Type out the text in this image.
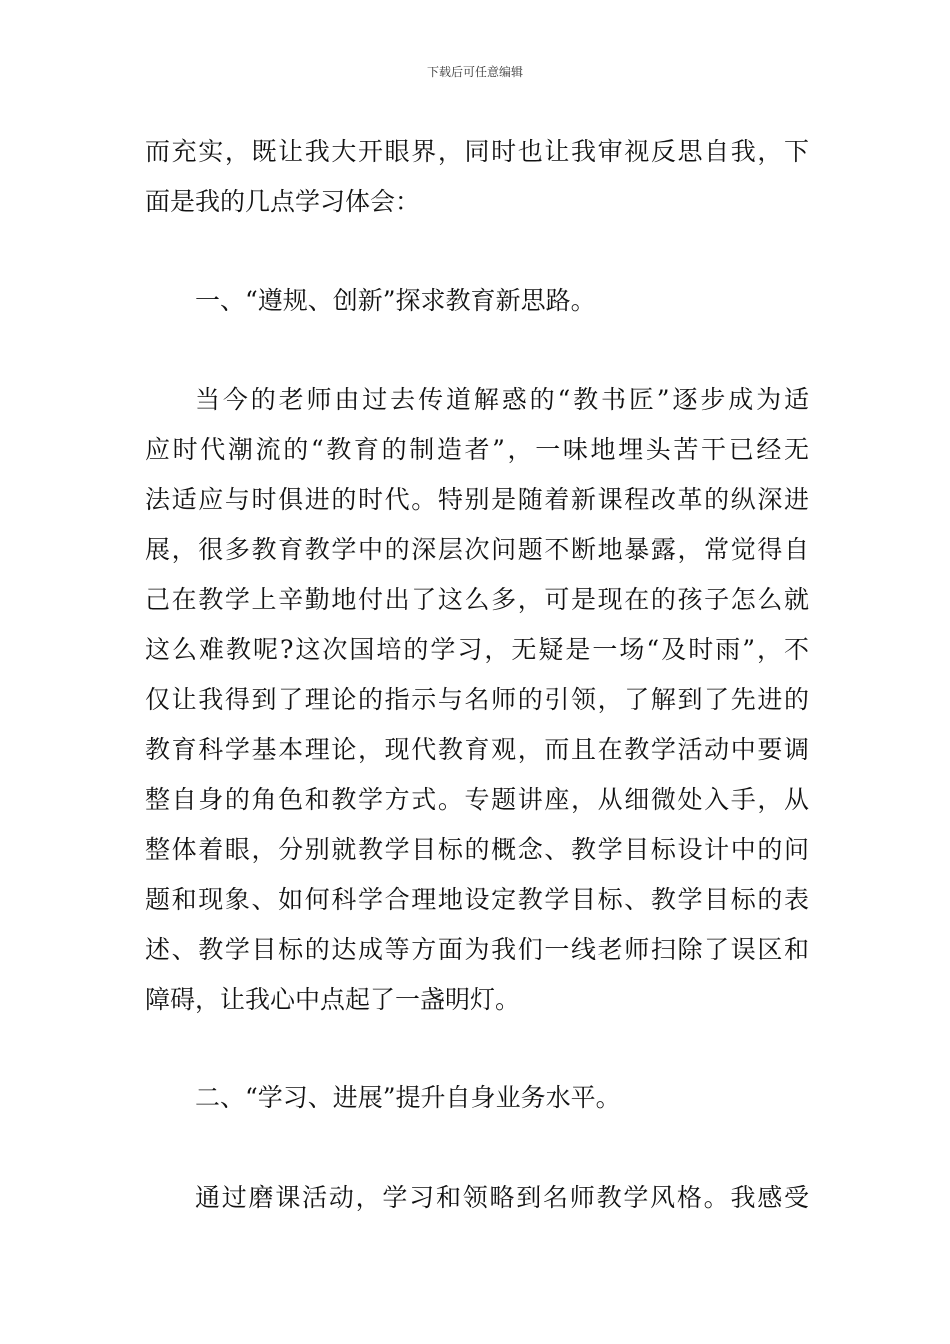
下载后可任意编辑
而充实，既让我大开眼界，同时也让我审视反思自我，下
面是我的几点学习体会：
一、“遵规、创新”探求教育新思路。
当今的老师由过去传道解惑的“教书匠”逐步成为适
应时代潮流的“教育的制造者”，一味地埋头苦干已经无
法适应与时俱进的时代。特别是随着新课程改革的纵深进
展，很多教育教学中的深层次问题不断地暴露，常觉得自
己在教学上辛勤地付出了这么多，可是现在的孩子怎么就
这么难教呢?这次国培的学习，无疑是一场“及时雨”，不
仅让我得到了理论的指示与名师的引领，了解到了先进的
教育科学基本理论，现代教育观，而且在教学活动中要调
整自身的角色和教学方式。专题讲座，从细微处入手，从
整体着眼，分别就教学目标的概念、教学目标设计中的问
题和现象、如何科学合理地设定教学目标、教学目标的表
述、教学目标的达成等方面为我们一线老师扫除了误区和
障碍，让我心中点起了一盏明灯。
二、“学习、进展”提升自身业务水平。
通过磨课活动，学习和领略到名师教学风格。我感受
